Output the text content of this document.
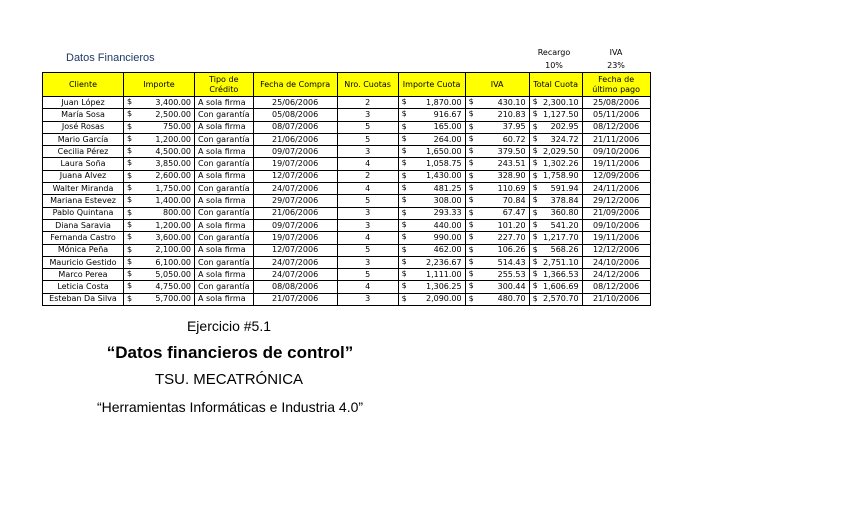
Datos Financieros	Recargo
10%
IVA
23%
Cliente	Importe	Tipo de Crédito	Fecha de Compra	Nro. Cuotas	Importe Cuota	IVA	Total Cuota	Fecha de último pago
Juan López	$ 3,400.00	A sola firma	25/06/2006	2	$ 1,870.00	$ 430.10	$ 2,300.10	25/08/2006
María Sosa	$ 2,500.00	Con garantía	05/08/2006	3	$ 916.67	$ 210.83	$ 1,127.50	05/11/2006
José Rosas	$ 750.00	A sola firma	08/07/2006	5	$ 165.00	$ 37.95	$ 202.95	08/12/2006
Mario García	$ 1,200.00	Con garantía	21/06/2006	5	$ 264.00	$ 60.72	$ 324.72	21/11/2006
Cecilia Pérez	$ 4,500.00	A sola firma	09/07/2006	3	$ 1,650.00	$ 379.50	$ 2,029.50	09/10/2006
Laura Soña	$ 3,850.00	Con garantía	19/07/2006	4	$ 1,058.75	$ 243.51	$ 1,302.26	19/11/2006
Juana Alvez	$ 2,600.00	A sola firma	12/07/2006	2	$ 1,430.00	$ 328.90	$ 1,758.90	12/09/2006
Walter Miranda	$ 1,750.00	Con garantía	24/07/2006	4	$ 481.25	$ 110.69	$ 591.94	24/11/2006
Mariana Estevez	$ 1,400.00	A sola firma	29/07/2006	5	$ 308.00	$ 70.84	$ 378.84	29/12/2006
Pablo Quintana	$ 800.00	Con garantía	21/06/2006	3	$ 293.33	$ 67.47	$ 360.80	21/09/2006
Diana Saravia	$ 1,200.00	A sola firma	09/07/2006	3	$ 440.00	$ 101.20	$ 541.20	09/10/2006
Fernanda Castro	$ 3,600.00	Con garantía	19/07/2006	4	$ 990.00	$ 227.70	$ 1,217.70	19/11/2006
Mónica Peña	$ 2,100.00	A sola firma	12/07/2006	5	$ 462.00	$ 106.26	$ 568.26	12/12/2006
Mauricio Gestido	$ 6,100.00	Con garantía	24/07/2006	3	$ 2,236.67	$ 514.43	$ 2,751.10	24/10/2006
Marco Perea	$ 5,050.00	A sola firma	24/07/2006	5	$ 1,111.00	$ 255.53	$ 1,366.53	24/12/2006
Leticia Costa	$ 4,750.00	Con garantía	08/08/2006	4	$ 1,306.25	$ 300.44	$ 1,606.69	08/12/2006
Esteban Da Silva	$ 5,700.00	A sola firma	21/07/2006	3	$ 2,090.00	$ 480.70	$ 2,570.70	21/10/2006
Ejercicio #5.1
“Datos financieros de control”
TSU. MECATRÓNICA
“Herramientas Informáticas e Industria 4.0”
